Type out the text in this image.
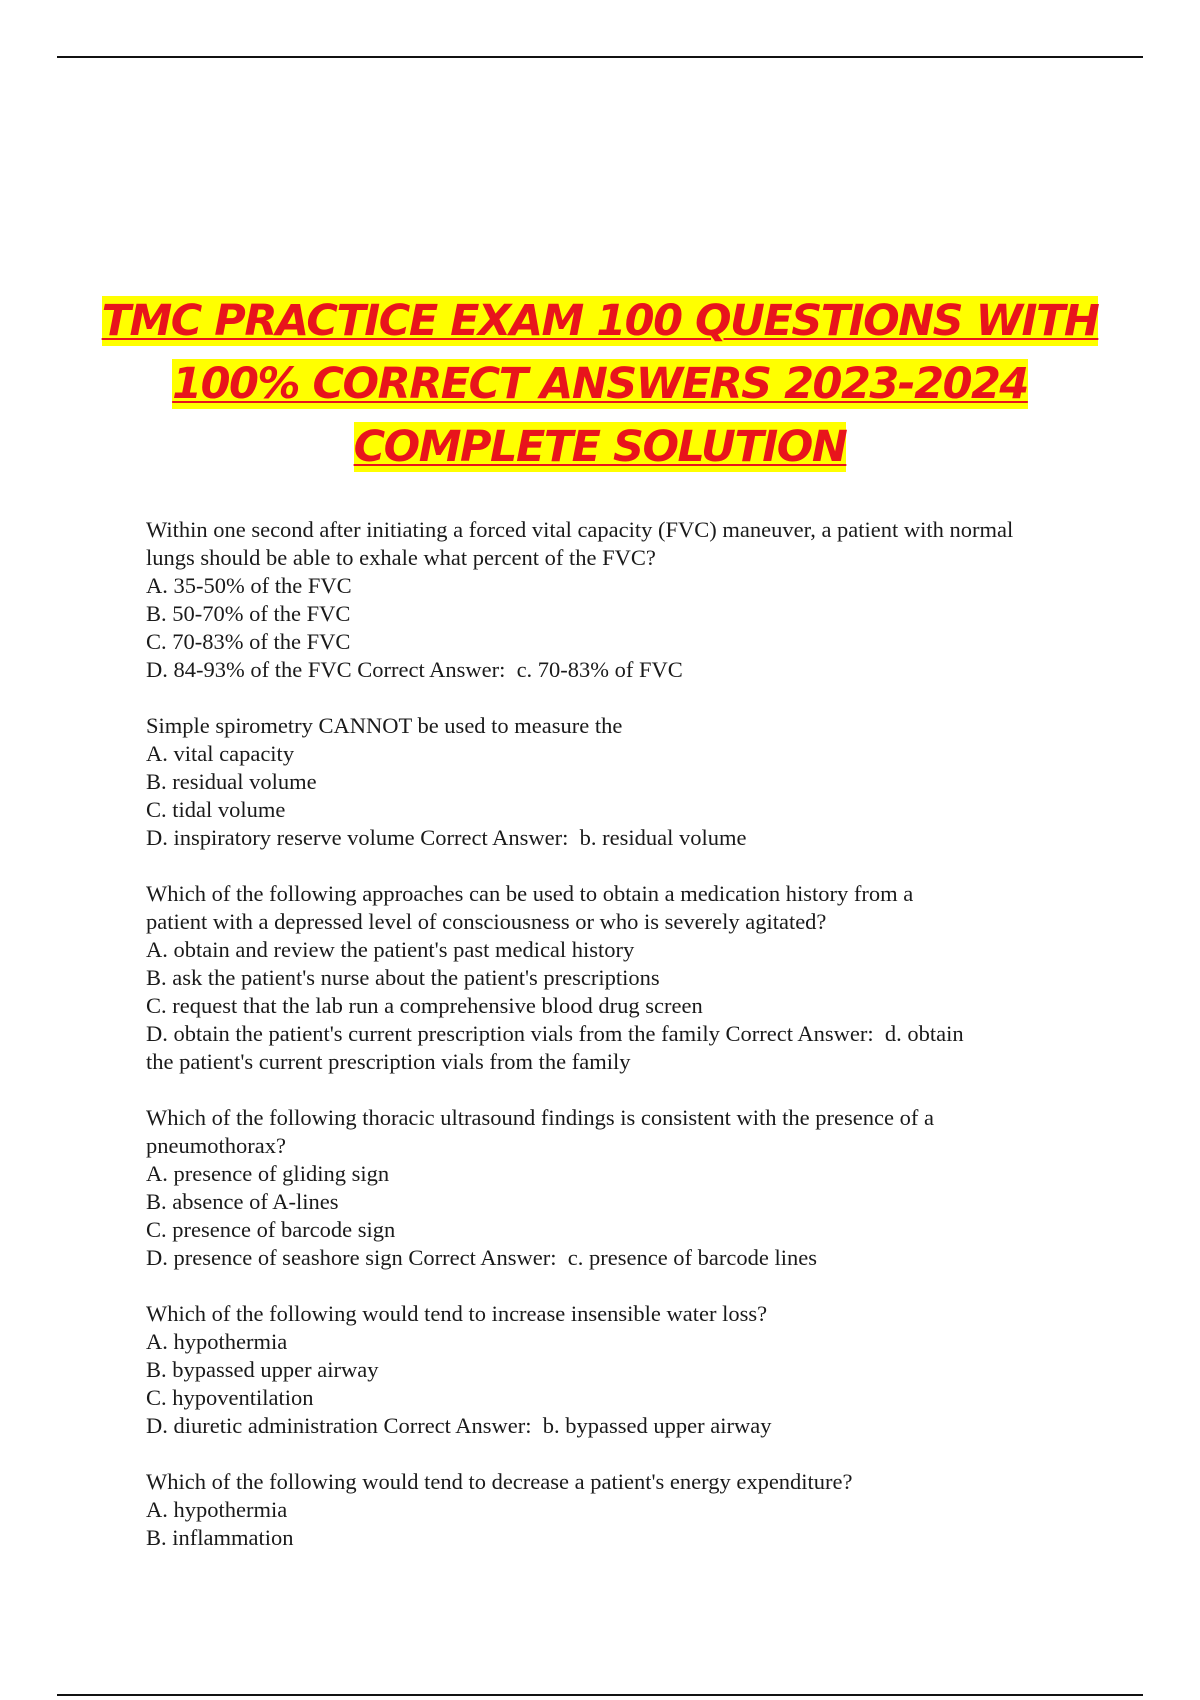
TMC PRACTICE EXAM 100 QUESTIONS WITH
100% CORRECT ANSWERS 2023-2024
COMPLETE SOLUTION
Within one second after initiating a forced vital capacity (FVC) maneuver, a patient with normal
lungs should be able to exhale what percent of the FVC?
A. 35-50% of the FVC
B. 50-70% of the FVC
C. 70-83% of the FVC
D. 84-93% of the FVC Correct Answer:  c. 70-83% of FVC
Simple spirometry CANNOT be used to measure the
A. vital capacity
B. residual volume
C. tidal volume
D. inspiratory reserve volume Correct Answer:  b. residual volume
Which of the following approaches can be used to obtain a medication history from a
patient with a depressed level of consciousness or who is severely agitated?
A. obtain and review the patient's past medical history
B. ask the patient's nurse about the patient's prescriptions
C. request that the lab run a comprehensive blood drug screen
D. obtain the patient's current prescription vials from the family Correct Answer:  d. obtain
the patient's current prescription vials from the family
Which of the following thoracic ultrasound findings is consistent with the presence of a
pneumothorax?
A. presence of gliding sign
B. absence of A-lines
C. presence of barcode sign
D. presence of seashore sign Correct Answer:  c. presence of barcode lines
Which of the following would tend to increase insensible water loss?
A. hypothermia
B. bypassed upper airway
C. hypoventilation
D. diuretic administration Correct Answer:  b. bypassed upper airway
Which of the following would tend to decrease a patient's energy expenditure?
A. hypothermia
B. inflammation
